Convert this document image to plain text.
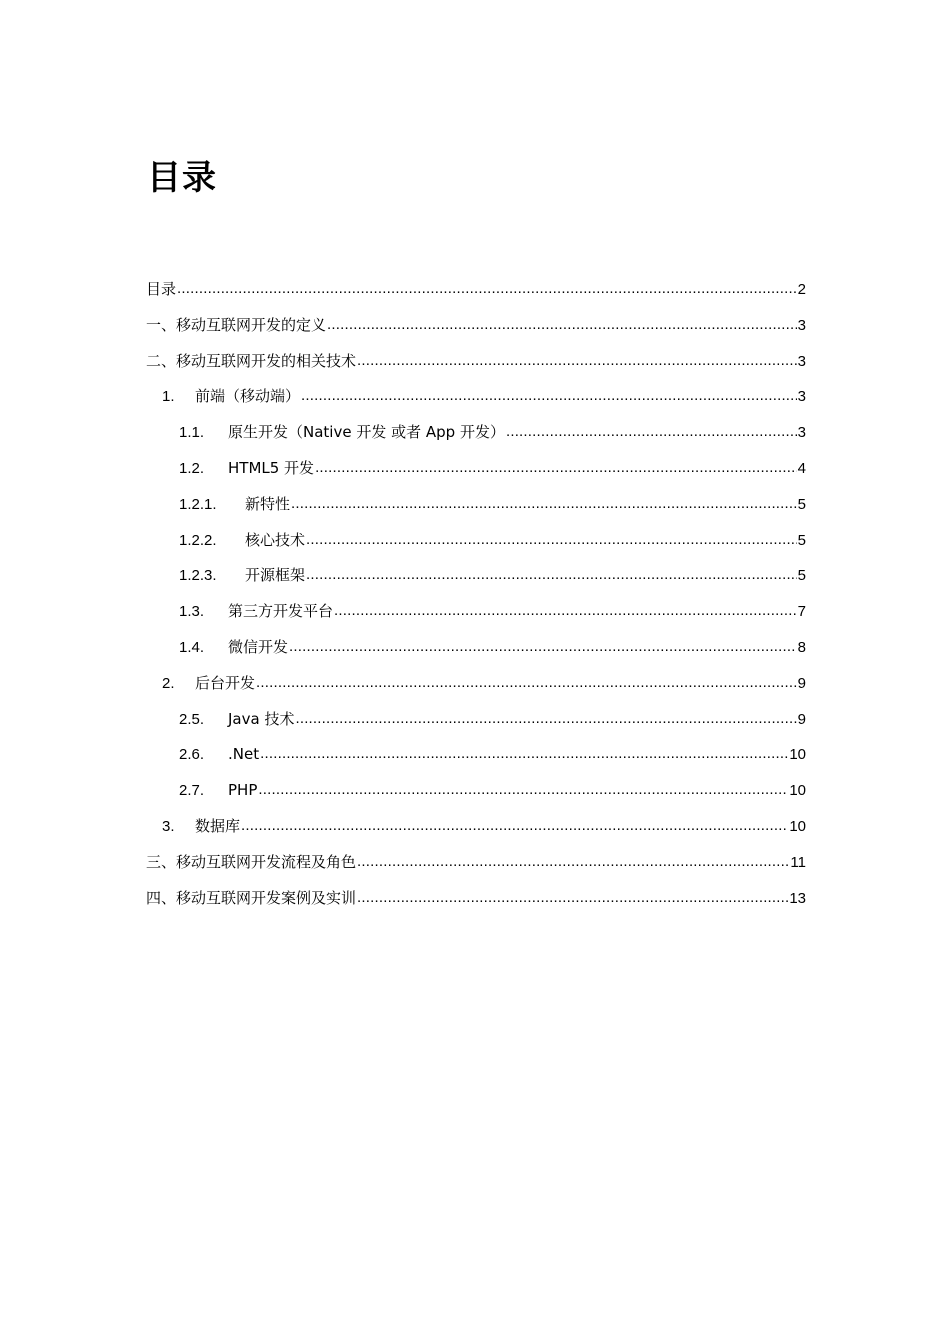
目录
目录 .....	2
一、移动互联网开发的定义 .....	3
二、移动互联网开发的相关技术 .....	3
1.	前端（移动端） .....	3
1.1.	原生开发（Native 开发 或者 App 开发） .....	3
1.2.	HTML5 开发 .....	4
1.2.1.	新特性 .....	5
1.2.2.	核心技术 .....	5
1.2.3.	开源框架 .....	5
1.3.	第三方开发平台 .....	7
1.4.	微信开发 .....	8
2.	后台开发 .....	9
2.5.	Java 技术 .....	9
2.6.	.Net .....	10
2.7.	PHP .....	10
3.	数据库 .....	10
三、移动互联网开发流程及角色 .....	11
四、移动互联网开发案例及实训 .....	13
